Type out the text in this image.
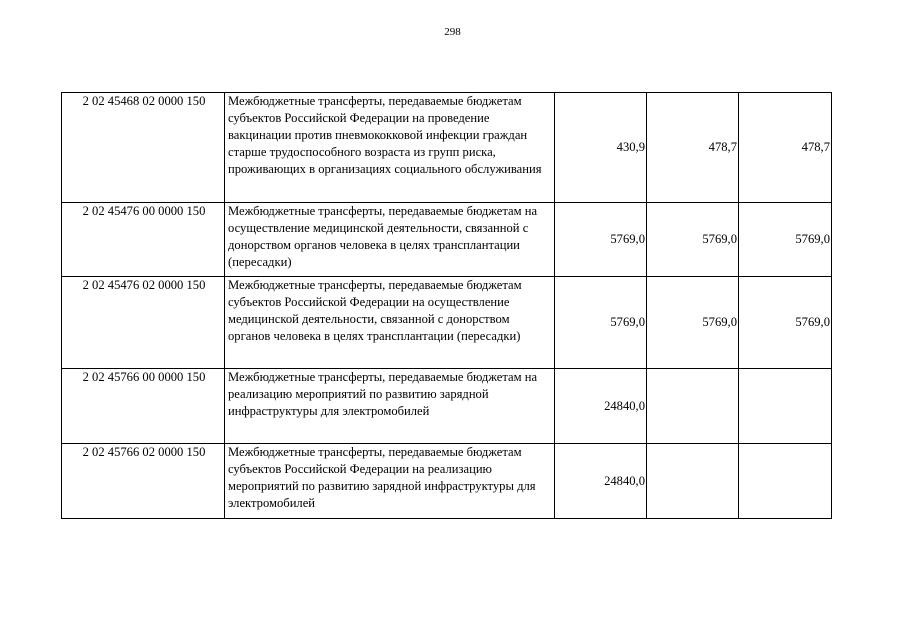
298
2 02 45468 02 0000 150	Межбюджетные трансферты, передаваемые бюджетам субъектов Российской Федерации на проведение вакцинации против пневмококковой инфекции граждан старше трудоспособного возраста из групп риска, проживающих в организациях социального обслуживания	430,9	478,7	478,7
2 02 45476 00 0000 150	Межбюджетные трансферты, передаваемые бюджетам на осуществление медицинской деятельности, связанной с донорством органов человека в целях трансплантации (пересадки)	5769,0	5769,0	5769,0
2 02 45476 02 0000 150	Межбюджетные трансферты, передаваемые бюджетам субъектов Российской Федерации на осуществление медицинской деятельности, связанной с донорством органов человека в целях трансплантации (пересадки)	5769,0	5769,0	5769,0
2 02 45766 00 0000 150	Межбюджетные трансферты, передаваемые бюджетам на реализацию мероприятий по развитию зарядной инфраструктуры для электромобилей	24840,0		
2 02 45766 02 0000 150	Межбюджетные трансферты, передаваемые бюджетам субъектов Российской Федерации на реализацию мероприятий по развитию зарядной инфраструктуры для электромобилей	24840,0		
